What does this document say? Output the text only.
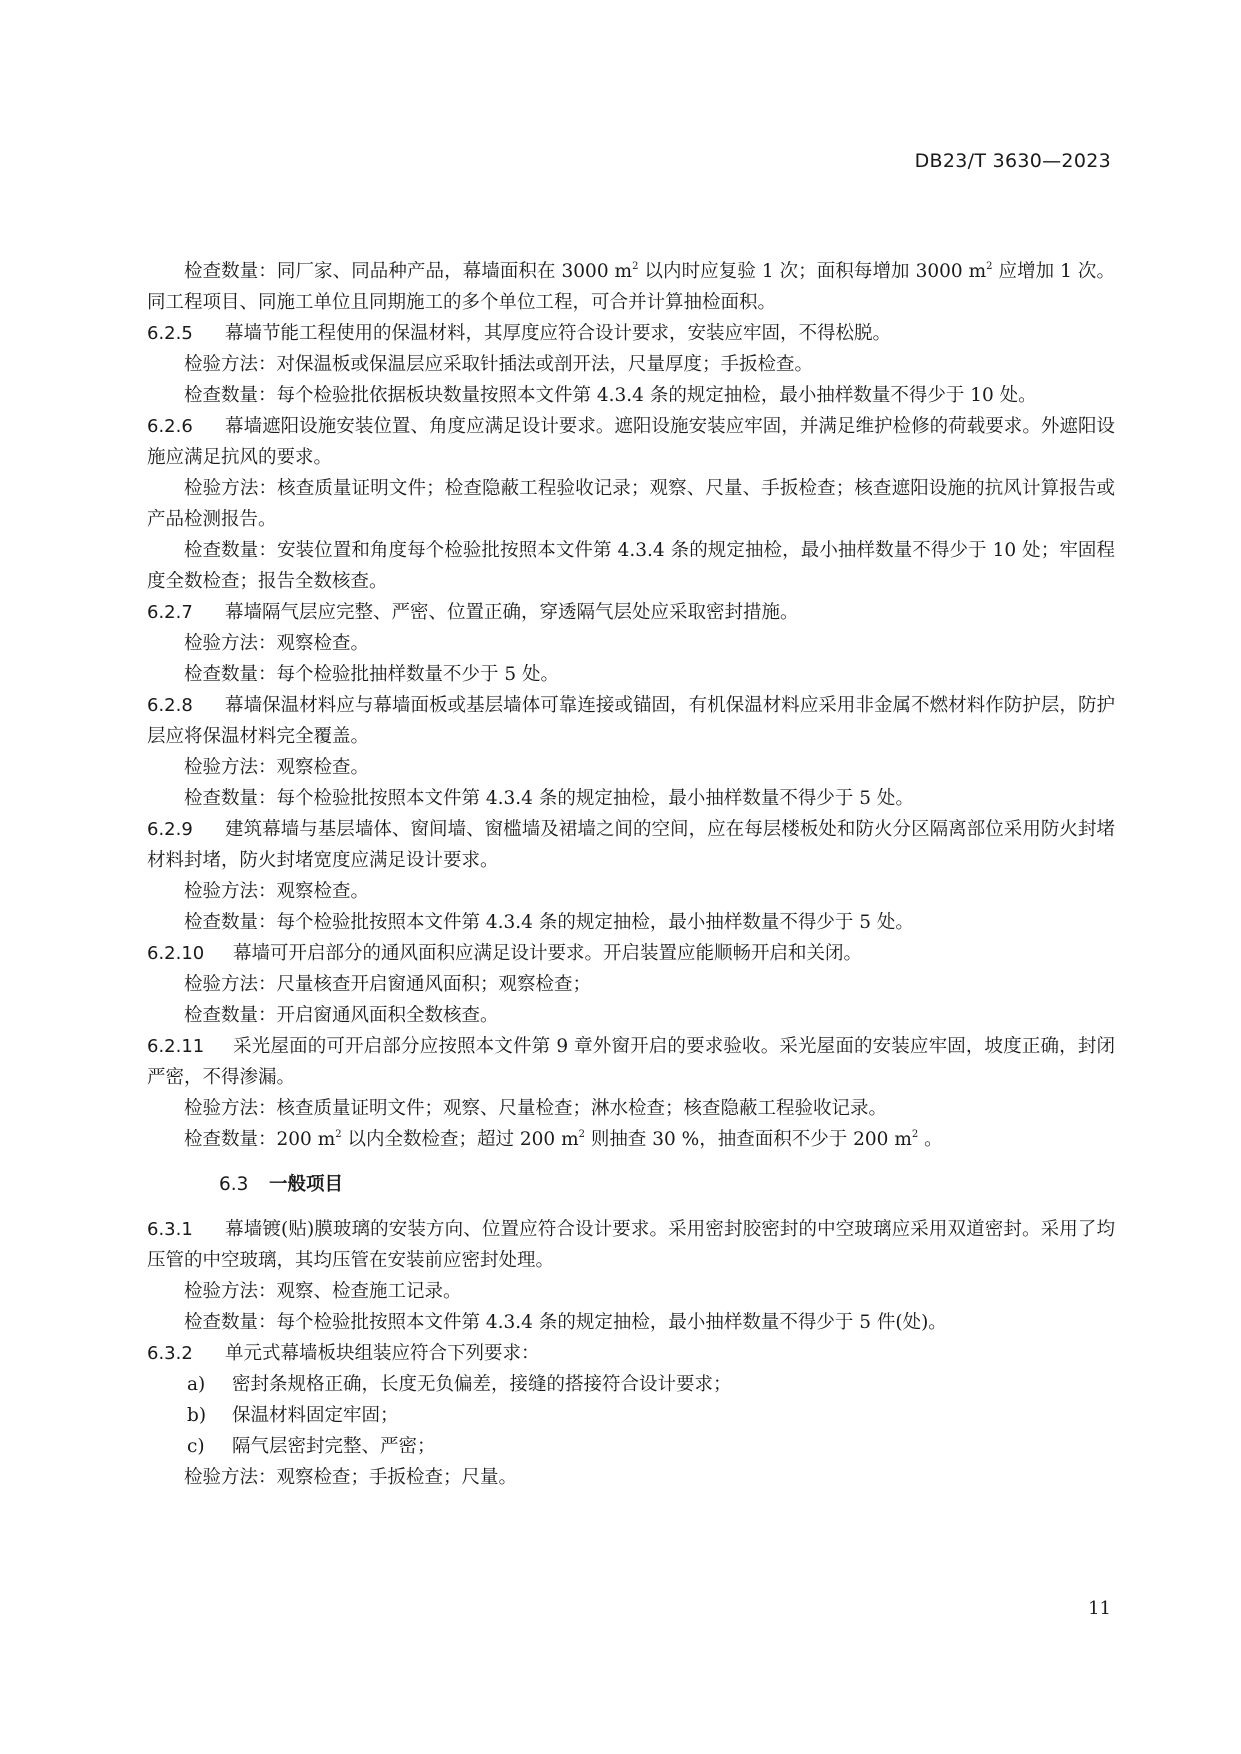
DB23/T 3630—2023

检查数量：同厂家、同品种产品，幕墙面积在 3000 $m^2$ 以内时应复验 1 次；面积每增加 3000 $m^2$ 应增加 1 次。同工程项目、同施工单位且同期施工的多个单位工程，可合并计算抽检面积。

6.2.5 幕墙节能工程使用的保温材料，其厚度应符合设计要求，安装应牢固，不得松脱。

检验方法：对保温板或保温层应采取针插法或剖开法，尺量厚度；手扳检查。

检查数量：每个检验批依据板块数量按照本文件第 4.3.4 条的规定抽检，最小抽样数量不得少于 10 处。

6.2.6 幕墙遮阳设施安装位置、角度应满足设计要求。遮阳设施安装应牢固，并满足维护检修的荷载要求。外遮阳设施应满足抗风的要求。

检验方法：核查质量证明文件；检查隐蔽工程验收记录；观察、尺量、手扳检查；核查遮阳设施的抗风计算报告或产品检测报告。

检查数量：安装位置和角度每个检验批按照本文件第 4.3.4 条的规定抽检，最小抽样数量不得少于 10 处；牢固程度全数检查；报告全数核查。

6.2.7 幕墙隔气层应完整、严密、位置正确，穿透隔气层处应采取密封措施。

检验方法：观察检查。

检查数量：每个检验批抽样数量不少于 5 处。

6.2.8 幕墙保温材料应与幕墙面板或基层墙体可靠连接或锚固，有机保温材料应采用非金属不燃材料作防护层，防护层应将保温材料完全覆盖。

检验方法：观察检查。

检查数量：每个检验批按照本文件第 4.3.4 条的规定抽检，最小抽样数量不得少于 5 处。

6.2.9 建筑幕墙与基层墙体、窗间墙、窗槛墙及裙墙之间的空间，应在每层楼板处和防火分区隔离部位采用防火封堵材料封堵，防火封堵宽度应满足设计要求。

检验方法：观察检查。

检查数量：每个检验批按照本文件第 4.3.4 条的规定抽检，最小抽样数量不得少于 5 处。

6.2.10 幕墙可开启部分的通风面积应满足设计要求。开启装置应能顺畅开启和关闭。

检验方法：尺量核查开启窗通风面积；观察检查；

检查数量：开启窗通风面积全数核查。

6.2.11 采光屋面的可开启部分应按照本文件第 9 章外窗开启的要求验收。采光屋面的安装应牢固，坡度正确，封闭严密，不得渗漏。

检验方法：核查质量证明文件；观察、尺量检查；淋水检查；核查隐蔽工程验收记录。

检查数量：200 $m^2$ 以内全数检查；超过 200 $m^2$ 则抽查 30 %，抽查面积不少于 200 $m^2$ 。

6.3 一般项目

6.3.1 幕墙镀(贴)膜玻璃的安装方向、位置应符合设计要求。采用密封胶密封的中空玻璃应采用双道密封。采用了均压管的中空玻璃，其均压管在安装前应密封处理。

检验方法：观察、检查施工记录。

检查数量：每个检验批按照本文件第 4.3.4 条的规定抽检，最小抽样数量不得少于 5 件(处)。

6.3.2 单元式幕墙板块组装应符合下列要求：

a) 密封条规格正确，长度无负偏差，接缝的搭接符合设计要求；

b) 保温材料固定牢固；

c) 隔气层密封完整、严密；

检验方法：观察检查；手扳检查；尺量。

11
